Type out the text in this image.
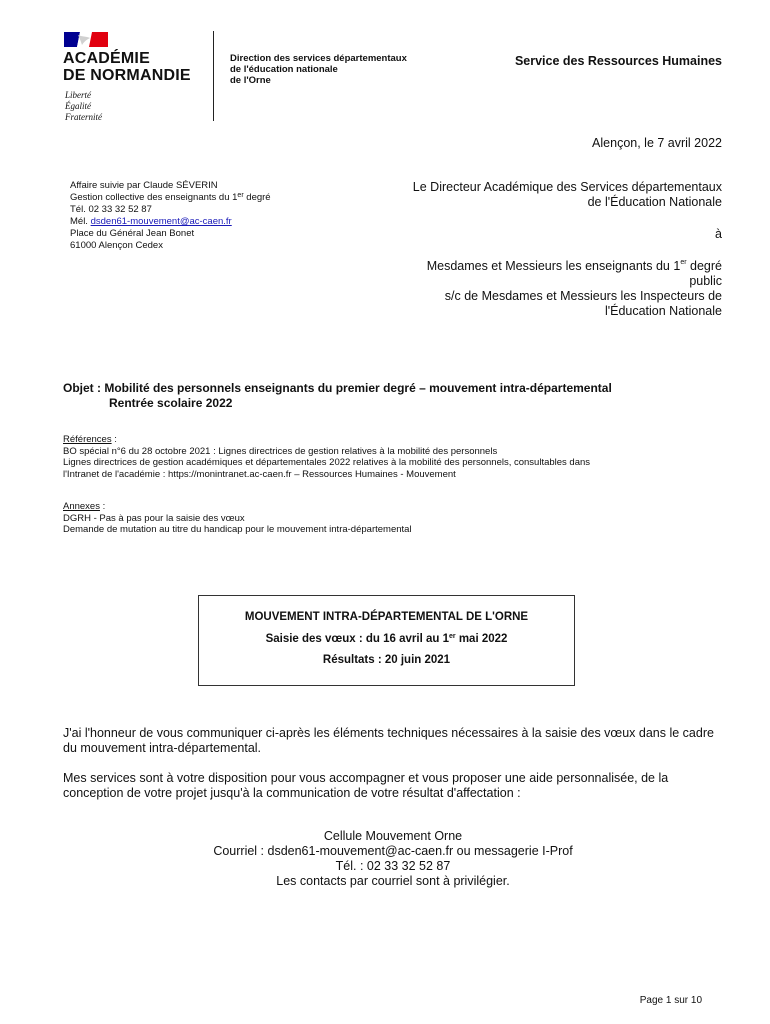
ACADÉMIE
DE NORMANDIE
Liberté
Égalité
Fraternité
Direction des services départementaux
de l'éducation nationale
de l'Orne
Service des Ressources Humaines
Alençon, le 7 avril 2022
Affaire suivie par Claude SÉVERIN
Gestion collective des enseignants du 1er degré
Tél. 02 33 32 52 87
Mél. dsden61-mouvement@ac-caen.fr
Place du Général Jean Bonet
61000 Alençon Cedex
Le Directeur Académique des Services départementaux
de l'Éducation Nationale
à
Mesdames et Messieurs les enseignants du 1er degré
public
s/c de Mesdames et Messieurs les Inspecteurs de
l'Éducation Nationale
Objet : Mobilité des personnels enseignants du premier degré – mouvement intra-départemental
Rentrée scolaire 2022
Références :
BO spécial n°6 du 28 octobre 2021 : Lignes directrices de gestion relatives à la mobilité des personnels
Lignes directrices de gestion académiques et départementales 2022 relatives à la mobilité des personnels, consultables dans
l'Intranet de l'académie : https://monintranet.ac-caen.fr – Ressources Humaines - Mouvement
Annexes :
DGRH - Pas à pas pour la saisie des vœux
Demande de mutation au titre du handicap pour le mouvement intra-départemental
MOUVEMENT INTRA-DÉPARTEMENTAL DE L'ORNE
Saisie des vœux : du 16 avril au 1er mai 2022
Résultats : 20 juin 2021
J'ai l'honneur de vous communiquer ci-après les éléments techniques nécessaires à la saisie des vœux dans le cadre du mouvement intra-départemental.
Mes services sont à votre disposition pour vous accompagner et vous proposer une aide personnalisée, de la conception de votre projet jusqu'à la communication de votre résultat d'affectation :
Cellule Mouvement Orne
Courriel : dsden61-mouvement@ac-caen.fr ou messagerie I-Prof
Tél. : 02 33 32 52 87
Les contacts par courriel sont à privilégier.
Page 1 sur 10
